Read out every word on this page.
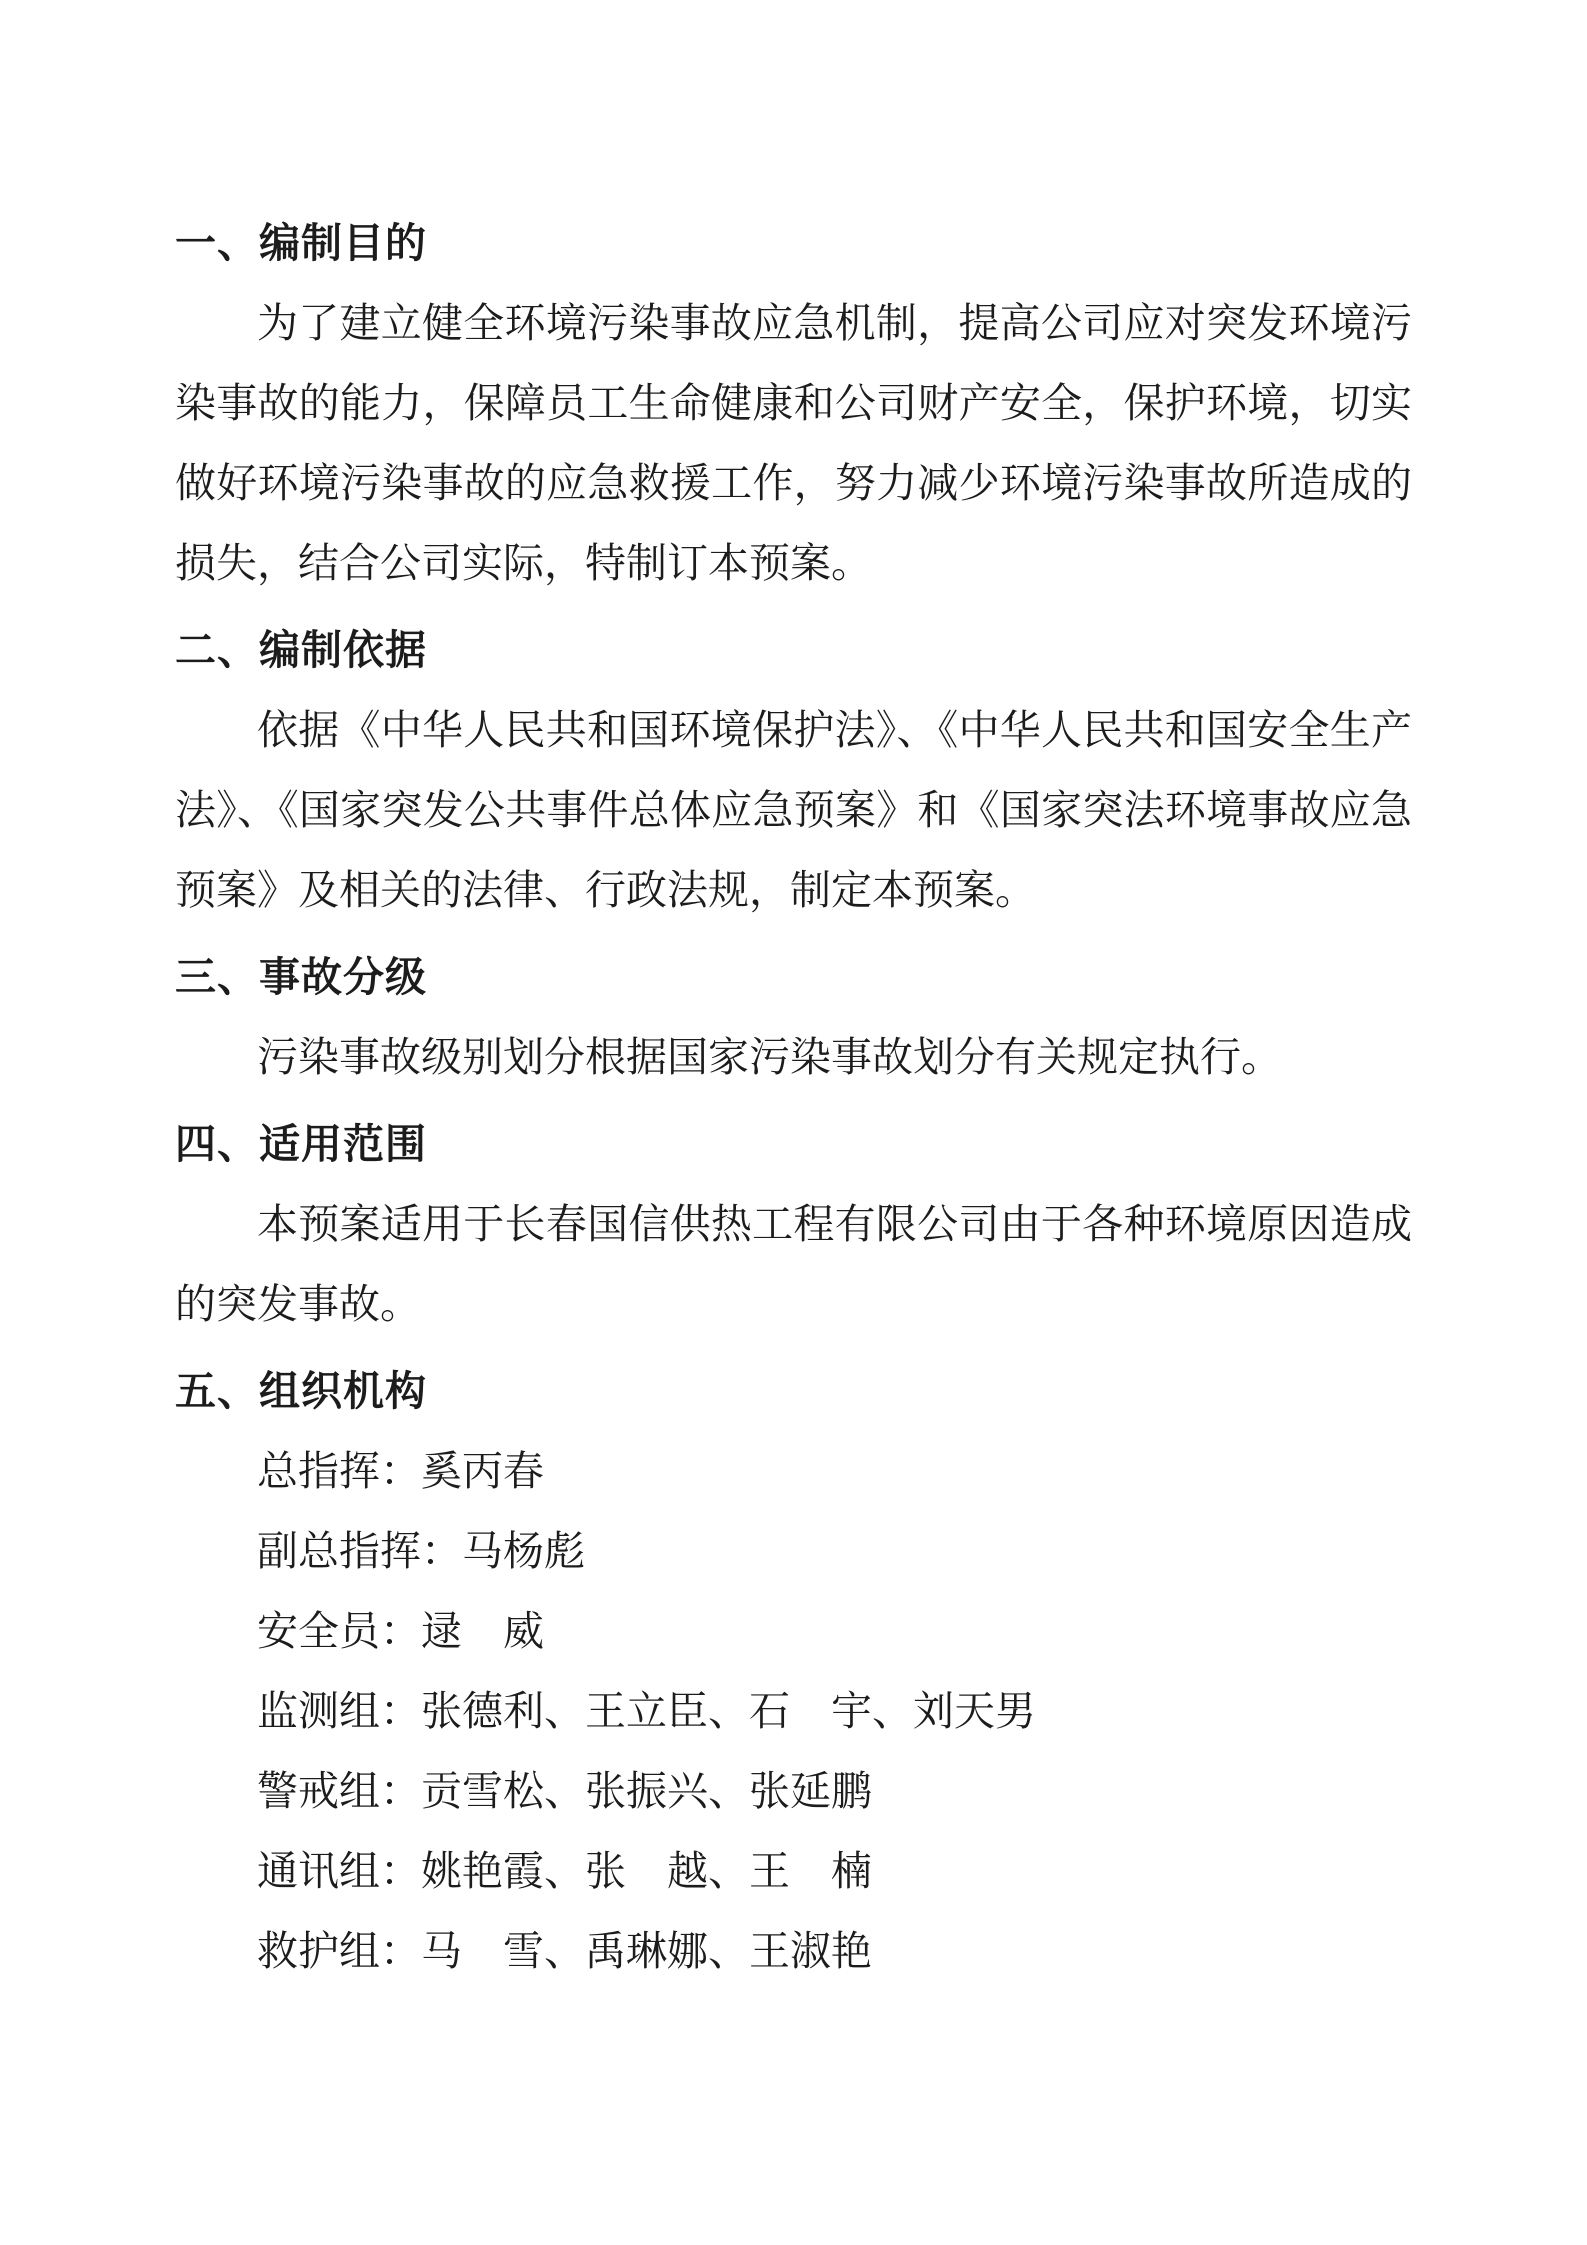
一、编制目的

为了建立健全环境污染事故应急机制，提高公司应对突发环境污染事故的能力，保障员工生命健康和公司财产安全，保护环境，切实做好环境污染事故的应急救援工作，努力减少环境污染事故所造成的损失，结合公司实际，特制订本预案。

二、编制依据

依据《中华人民共和国环境保护法》、《中华人民共和国安全生产法》、《国家突发公共事件总体应急预案》和《国家突法环境事故应急预案》及相关的法律、行政法规，制定本预案。

三、事故分级

污染事故级别划分根据国家污染事故划分有关规定执行。

四、适用范围

本预案适用于长春国信供热工程有限公司由于各种环境原因造成的突发事故。

五、组织机构

总指挥：奚丙春

副总指挥：马杨彪

安全员：逯　威

监测组：张德利、王立臣、石　宇、刘天男

警戒组：贡雪松、张振兴、张延鹏

通讯组：姚艳霞、张　越、王　楠

救护组：马　雪、禹琳娜、王淑艳
